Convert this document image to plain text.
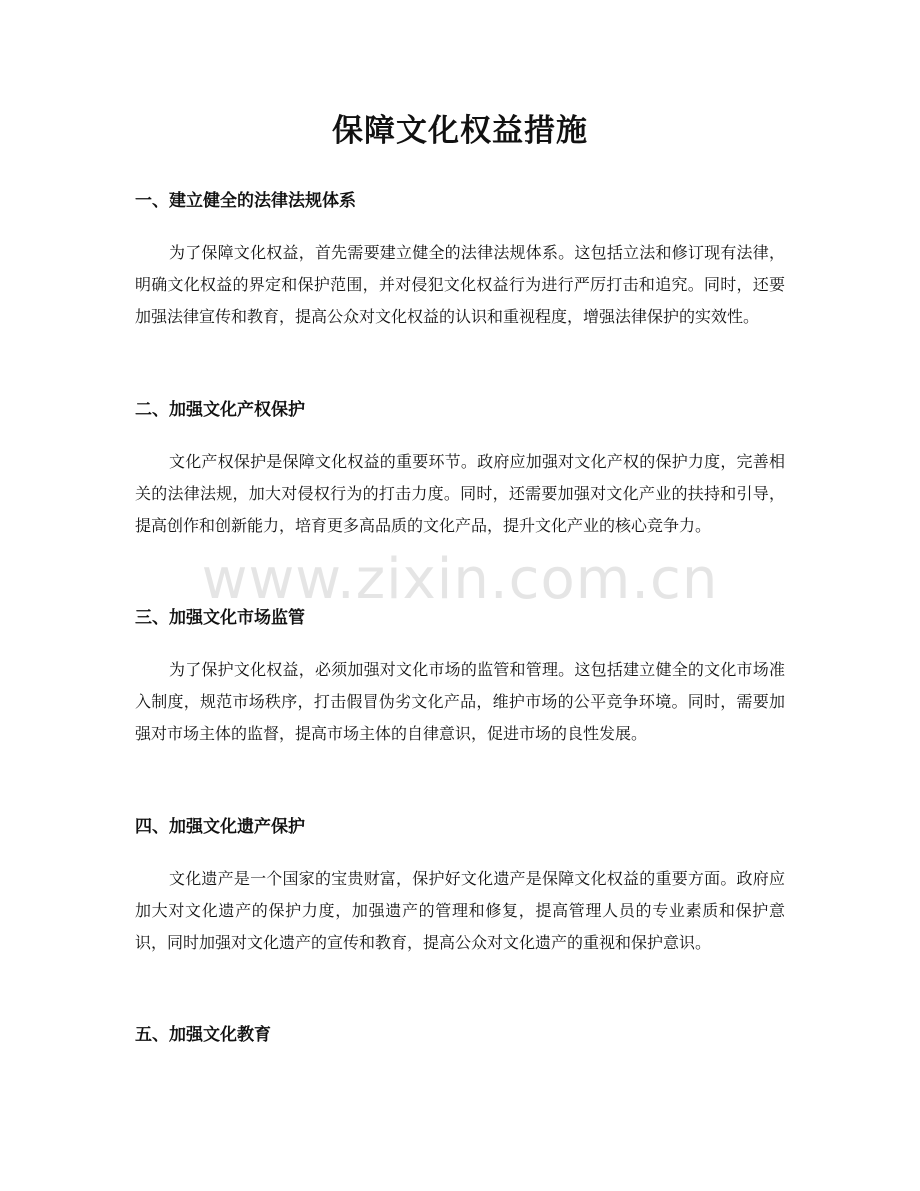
保障文化权益措施
一、建立健全的法律法规体系

为了保障文化权益，首先需要建立健全的法律法规体系。这包括立法和修订现有法律，明确文化权益的界定和保护范围，并对侵犯文化权益行为进行严厉打击和追究。同时，还要加强法律宣传和教育，提高公众对文化权益的认识和重视程度，增强法律保护的实效性。

二、加强文化产权保护

文化产权保护是保障文化权益的重要环节。政府应加强对文化产权的保护力度，完善相关的法律法规，加大对侵权行为的打击力度。同时，还需要加强对文化产业的扶持和引导，提高创作和创新能力，培育更多高品质的文化产品，提升文化产业的核心竞争力。

三、加强文化市场监管

为了保护文化权益，必须加强对文化市场的监管和管理。这包括建立健全的文化市场准入制度，规范市场秩序，打击假冒伪劣文化产品，维护市场的公平竞争环境。同时，需要加强对市场主体的监督，提高市场主体的自律意识，促进市场的良性发展。

四、加强文化遗产保护

文化遗产是一个国家的宝贵财富，保护好文化遗产是保障文化权益的重要方面。政府应加大对文化遗产的保护力度，加强遗产的管理和修复，提高管理人员的专业素质和保护意识，同时加强对文化遗产的宣传和教育，提高公众对文化遗产的重视和保护意识。

五、加强文化教育
www.zixin.com.cn
